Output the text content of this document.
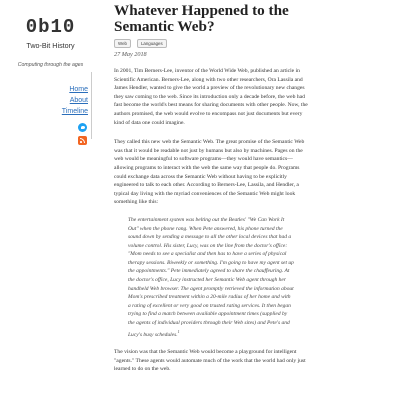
0b10
Two-Bit History
Computing through the ages
Home
About
Timeline
Whatever Happened to the Semantic Web?
Web	Languages
27 May 2018

In 2001, Tim Berners-Lee, inventor of the World Wide Web, published an article in Scientific American. Berners-Lee, along with two other researchers, Ora Lassila and James Hendler, wanted to give the world a preview of the revolutionary new changes they saw coming to the web. Since its introduction only a decade before, the web had fast become the world's best means for sharing documents with other people. Now, the authors promised, the web would evolve to encompass not just documents but every kind of data one could imagine.

They called this new web the Semantic Web. The great promise of the Semantic Web was that it would be readable not just by humans but also by machines. Pages on the web would be meaningful to software programs—they would have semantics—allowing programs to interact with the web the same way that people do. Programs could exchange data across the Semantic Web without having to be explicitly engineered to talk to each other. According to Berners-Lee, Lassila, and Hendler, a typical day living with the myriad conveniences of the Semantic Web might look something like this:

The entertainment system was belting out the Beatles' "We Can Work It Out" when the phone rang. When Pete answered, his phone turned the sound down by sending a message to all the other local devices that had a volume control. His sister, Lucy, was on the line from the doctor's office: "Mom needs to see a specialist and then has to have a series of physical therapy sessions. Biweekly or something. I'm going to have my agent set up the appointments." Pete immediately agreed to share the chauffeuring. At the doctor's office, Lucy instructed her Semantic Web agent through her handheld Web browser. The agent promptly retrieved the information about Mom's prescribed treatment within a 20-mile radius of her home and with a rating of excellent or very good on trusted rating services. It then began trying to find a match between available appointment times (supplied by the agents of individual providers through their Web sites) and Pete's and Lucy's busy schedules.$^1$

The vision was that the Semantic Web would become a playground for intelligent "agents." These agents would automate much of the work that the world had only just learned to do on the web.
